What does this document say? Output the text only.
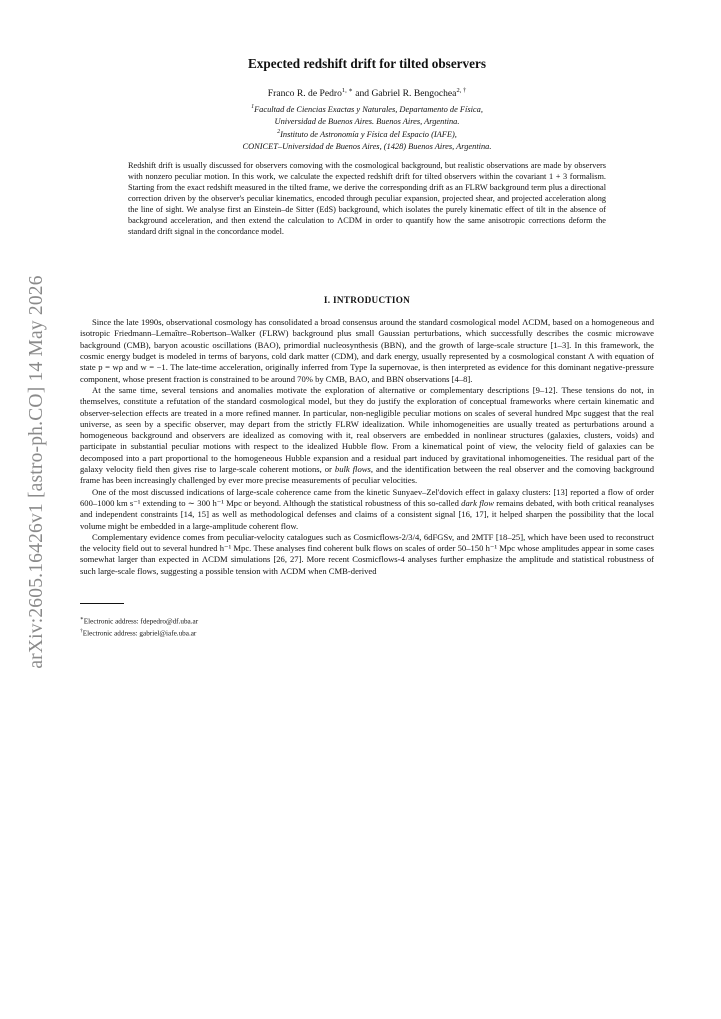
arXiv:2605.16426v1 [astro-ph.CO] 14 May 2026
Expected redshift drift for tilted observers
Franco R. de Pedro$^{1, ∗}$ and Gabriel R. Bengochea$^{2, \dagger}$
$^1$Facultad de Ciencias Exactas y Naturales, Departamento de Física,
Universidad de Buenos Aires. Buenos Aires, Argentina.
$^2$Instituto de Astronomía y Física del Espacio (IAFE),
CONICET–Universidad de Buenos Aires, (1428) Buenos Aires, Argentina.
Redshift drift is usually discussed for observers comoving with the cosmological background, but realistic observations are made by observers with nonzero peculiar motion. In this work, we calculate the expected redshift drift for tilted observers within the covariant 1 + 3 formalism. Starting from the exact redshift measured in the tilted frame, we derive the corresponding drift as an FLRW background term plus a directional correction driven by the observer's peculiar kinematics, encoded through peculiar expansion, projected shear, and projected acceleration along the line of sight. We analyse first an Einstein–de Sitter (EdS) background, which isolates the purely kinematic effect of tilt in the absence of background acceleration, and then extend the calculation to ΛCDM in order to quantify how the same anisotropic corrections deform the standard drift signal in the concordance model.
I. INTRODUCTION

Since the late 1990s, observational cosmology has consolidated a broad consensus around the standard cosmological model ΛCDM, based on a homogeneous and isotropic Friedmann–Lemaître–Robertson–Walker (FLRW) background plus small Gaussian perturbations, which successfully describes the cosmic microwave background (CMB), baryon acoustic oscillations (BAO), primordial nucleosynthesis (BBN), and the growth of large-scale structure [1–3]. In this framework, the cosmic energy budget is modeled in terms of baryons, cold dark matter (CDM), and dark energy, usually represented by a cosmological constant Λ with equation of state p = wρ and w = −1. The late-time acceleration, originally inferred from Type Ia supernovae, is then interpreted as evidence for this dominant negative-pressure component, whose present fraction is constrained to be around 70% by CMB, BAO, and BBN observations [4–8].

At the same time, several tensions and anomalies motivate the exploration of alternative or complementary descriptions [9–12]. These tensions do not, in themselves, constitute a refutation of the standard cosmological model, but they do justify the exploration of conceptual frameworks where certain kinematic and observer-selection effects are treated in a more refined manner. In particular, non-negligible peculiar motions on scales of several hundred Mpc suggest that the real universe, as seen by a specific observer, may depart from the strictly FLRW idealization. While inhomogeneities are usually treated as perturbations around a homogeneous background and observers are idealized as comoving with it, real observers are embedded in nonlinear structures (galaxies, clusters, voids) and participate in substantial peculiar motions with respect to the idealized Hubble flow. From a kinematical point of view, the velocity field of galaxies can be decomposed into a part proportional to the homogeneous Hubble expansion and a residual part induced by gravitational inhomogeneities. The residual part of the galaxy velocity field then gives rise to large-scale coherent motions, or bulk flows, and the identification between the real observer and the comoving background frame has been increasingly challenged by ever more precise measurements of peculiar velocities.

One of the most discussed indications of large-scale coherence came from the kinetic Sunyaev–Zel'dovich effect in galaxy clusters: [13] reported a flow of order 600–1000 km s⁻¹ extending to ∼ 300 h⁻¹ Mpc or beyond. Although the statistical robustness of this so-called dark flow remains debated, with both critical reanalyses and independent constraints [14, 15] as well as methodological defenses and claims of a consistent signal [16, 17], it helped sharpen the possibility that the local volume might be embedded in a large-amplitude coherent flow.

Complementary evidence comes from peculiar-velocity catalogues such as Cosmicflows-2/3/4, 6dFGSv, and 2MTF [18–25], which have been used to reconstruct the velocity field out to several hundred h⁻¹ Mpc. These analyses find coherent bulk flows on scales of order 50–150 h⁻¹ Mpc whose amplitudes appear in some cases somewhat larger than expected in ΛCDM simulations [26, 27]. More recent Cosmicflows-4 analyses further emphasize the amplitude and statistical robustness of such large-scale flows, suggesting a possible tension with ΛCDM when CMB-derived

∗Electronic address: fdepedro@df.uba.ar
†Electronic address: gabriel@iafe.uba.ar
